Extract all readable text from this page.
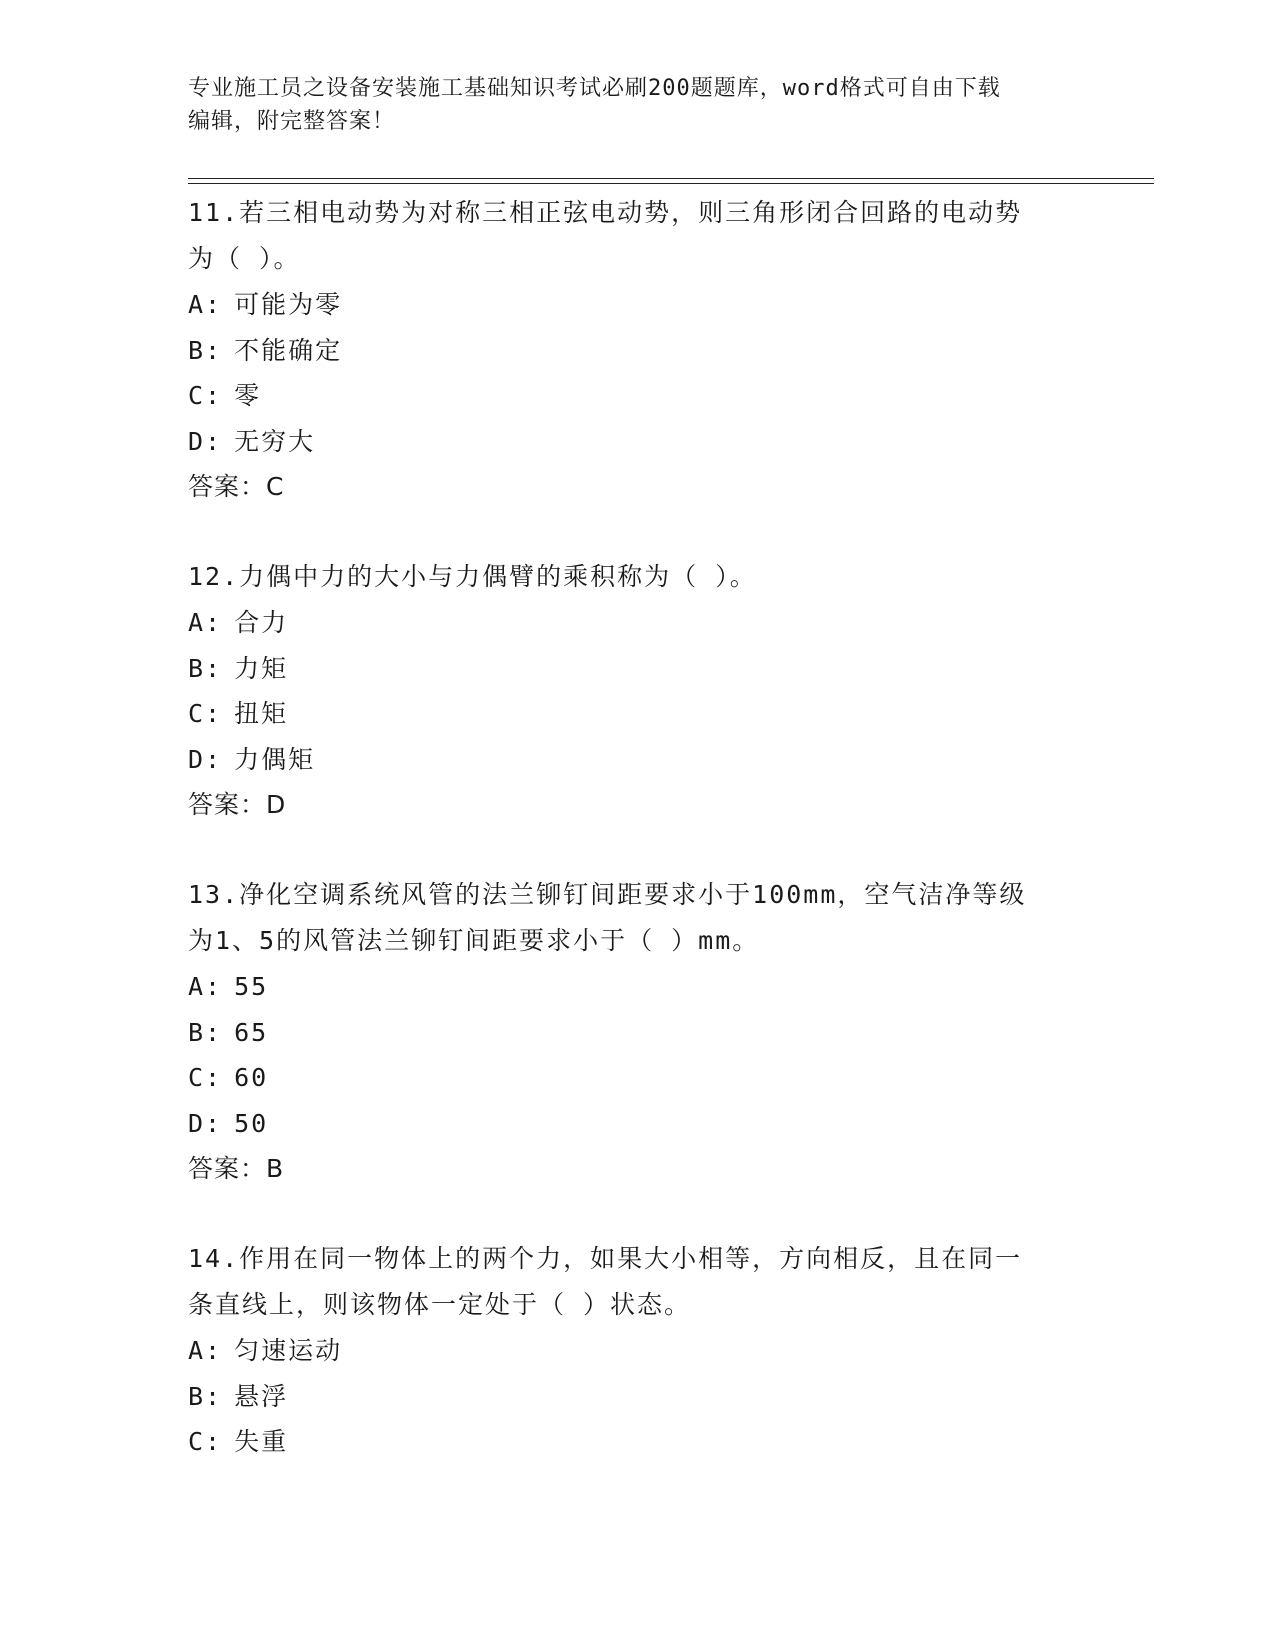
专业施工员之设备安装施工基础知识考试必刷200题题库，word格式可自由下载
编辑，附完整答案！
11.若三相电动势为对称三相正弦电动势，则三角形闭合回路的电动势
为（ ）。
A: 可能为零
B: 不能确定
C: 零
D: 无穷大
答案：C
12.力偶中力的大小与力偶臂的乘积称为（ ）。
A: 合力
B: 力矩
C: 扭矩
D: 力偶矩
答案：D
13.净化空调系统风管的法兰铆钉间距要求小于100mm，空气洁净等级
为1、5的风管法兰铆钉间距要求小于（ ）mm。
A: 55
B: 65
C: 60
D: 50
答案：B
14.作用在同一物体上的两个力，如果大小相等，方向相反，且在同一
条直线上，则该物体一定处于（ ）状态。
A: 匀速运动
B: 悬浮
C: 失重
